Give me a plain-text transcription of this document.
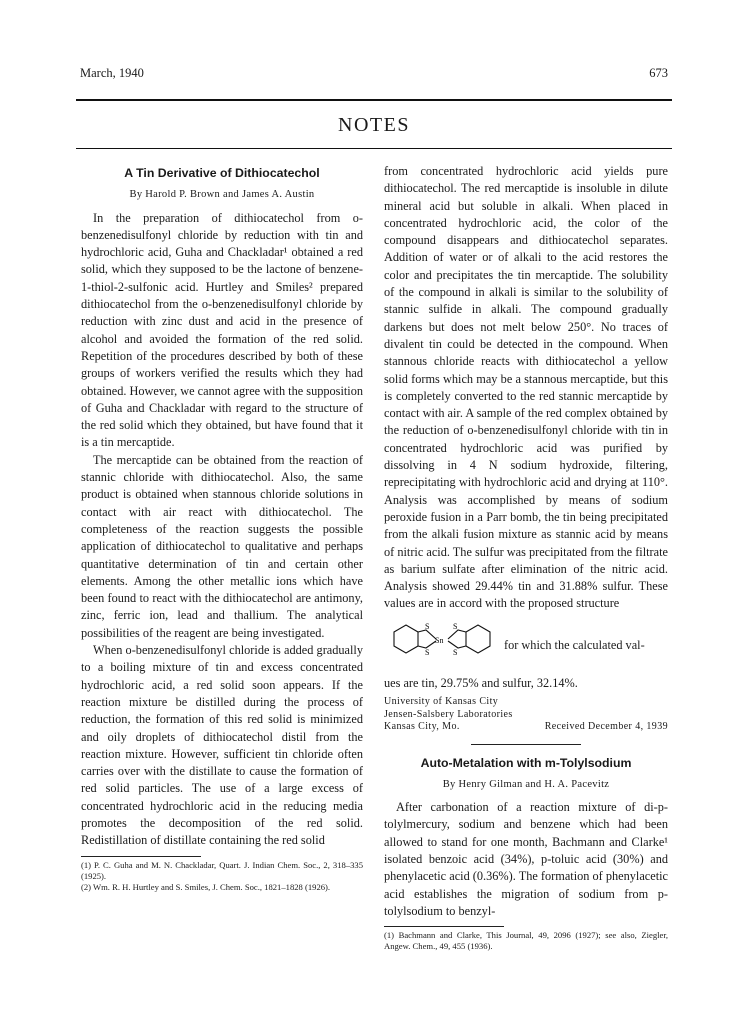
March, 1940	673
NOTES
A Tin Derivative of Dithiocatechol
By Harold P. Brown and James A. Austin

In the preparation of dithiocatechol from o-benzenedisulfonyl chloride by reduction with tin and hydrochloric acid, Guha and Chackladar¹ obtained a red solid, which they supposed to be the lactone of benzene-1-thiol-2-sulfonic acid. Hurtley and Smiles² prepared dithiocatechol from the o-benzenedisulfonyl chloride by reduction with zinc dust and acid in the presence of alcohol and avoided the formation of the red solid. Repetition of the procedures described by both of these groups of workers verified the results which they had obtained. However, we cannot agree with the supposition of Guha and Chackladar with regard to the structure of the red solid which they obtained, but have found that it is a tin mercaptide.

The mercaptide can be obtained from the reaction of stannic chloride with dithiocatechol. Also, the same product is obtained when stannous chloride solutions in contact with air react with dithiocatechol. The completeness of the reaction suggests the possible application of dithiocatechol to qualitative and perhaps quantitative determination of tin and certain other elements. Among the other metallic ions which have been found to react with the dithiocatechol are antimony, zinc, ferric ion, lead and thallium. The analytical possibilities of the reagent are being investigated.

When o-benzenedisulfonyl chloride is added gradually to a boiling mixture of tin and excess concentrated hydrochloric acid, a red solid soon appears. If the reaction mixture be distilled during the process of reduction, the formation of this red solid is minimized and oily droplets of dithiocatechol distil from the reaction mixture. However, sufficient tin chloride often carries over with the distillate to cause the formation of red solid particles. The use of a large excess of concentrated hydrochloric acid in the reducing media promotes the decomposition of the red solid. Redistillation of distillate containing the red solid

(1) P. C. Guha and M. N. Chackladar, Quart. J. Indian Chem. Soc., 2, 318–335 (1925).

(2) Wm. R. H. Hurtley and S. Smiles, J. Chem. Soc., 1821–1828 (1926).

from concentrated hydrochloric acid yields pure dithiocatechol. The red mercaptide is insoluble in dilute mineral acid but soluble in alkali. When placed in concentrated hydrochloric acid, the color of the compound disappears and dithiocatechol separates. Addition of water or of alkali to the acid restores the color and precipitates the tin mercaptide. The solubility of the compound in alkali is similar to the solubility of stannic sulfide in alkali. The compound gradually darkens but does not melt below 250°. No traces of divalent tin could be detected in the compound. When stannous chloride reacts with dithiocatechol a yellow solid forms which may be a stannous mercaptide, but this is completely converted to the red stannic mercaptide by contact with air. A sample of the red complex obtained by the reduction of o-benzenedisulfonyl chloride with tin in concentrated hydrochloric acid was purified by dissolving in 4 N sodium hydroxide, filtering, reprecipitating with hydrochloric acid and drying at 110°. Analysis was accomplished by means of sodium peroxide fusion in a Parr bomb, the tin being precipitated from the alkali fusion mixture as stannic acid by means of nitric acid. The sulfur was precipitated from the filtrate as barium sulfate after elimination of the nitric acid. Analysis showed 29.44% tin and 31.88% sulfur. These values are in accord with the proposed structure

S
S
Sn
S
S
for which the calculated val-

ues are tin, 29.75% and sulfur, 32.14%.

University of Kansas City
Jensen-Salsbery Laboratories
Kansas City, Mo.	Received December 4, 1939
Auto-Metalation with m-Tolylsodium
By Henry Gilman and H. A. Pacevitz

After carbonation of a reaction mixture of di-p-tolylmercury, sodium and benzene which had been allowed to stand for one month, Bachmann and Clarke¹ isolated benzoic acid (34%), p-toluic acid (30%) and phenylacetic acid (0.36%). The formation of phenylacetic acid establishes the migration of sodium from p-tolylsodium to benzyl-

(1) Bachmann and Clarke, This Journal, 49, 2096 (1927); see also, Ziegler, Angew. Chem., 49, 455 (1936).
